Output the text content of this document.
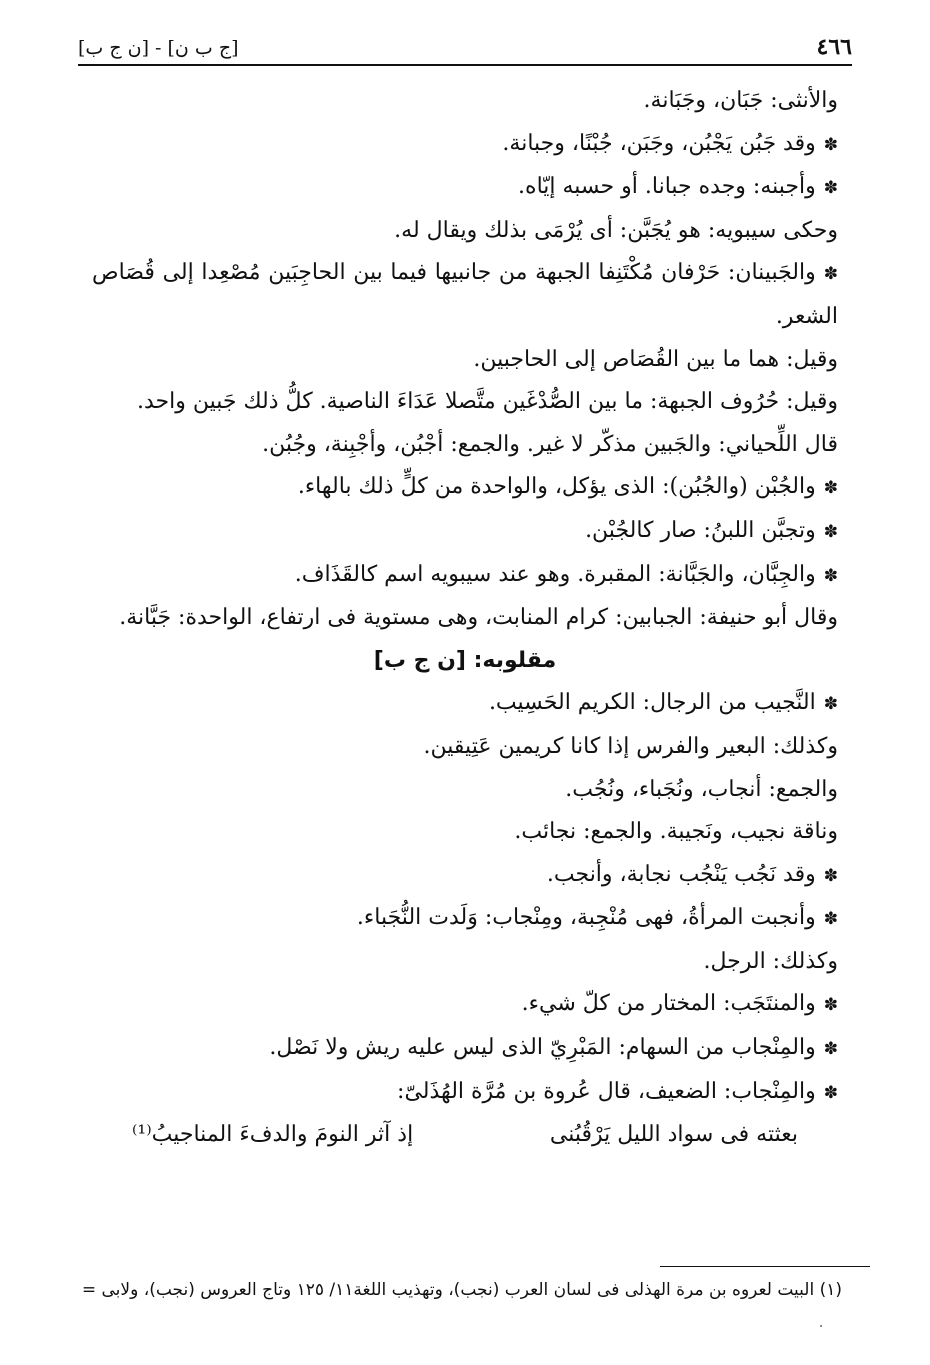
٤٦٦
[ج ب ن] - [ن ج ب]
والأنثى: جَبَان، وجَبَانة.
✽وقد جَبُن يَجْبُن، وجَبَن، جُبْنًا، وجبانة.
✽وأجبنه: وجده جبانا. أو حسبه إيّاه.
وحكى سيبويه: هو يُجَبَّن: أى يُرْمَى بذلك ويقال له.
✽والجَبينان: حَرْفان مُكْتَنِفا الجبهة من جانبيها فيما بين الحاجِبَين مُصْعِدا إلى قُصَاص الشعر.
وقيل: هما ما بين القُصَاص إلى الحاجبين.
وقيل: حُرُوف الجبهة: ما بين الصُّدْغَين متَّصلا عَدَاءَ الناصية. كلُّ ذلك جَبين واحد.
قال اللِّحياني: والجَبين مذكّر لا غير. والجمع: أجْبُن، وأجْبِنة، وجُبُن.
✽والجُبْن (والجُبُن): الذى يؤكل، والواحدة من كلٍّ ذلك بالهاء.
✽وتجبَّن اللبنُ: صار كالجُبْن.
✽والجِبَّان، والجَبَّانة: المقبرة. وهو عند سيبويه اسم كالقَذَاف.
وقال أبو حنيفة: الجبابين: كرام المنابت، وهى مستوية فى ارتفاع، الواحدة: جَبَّانة.
مقلوبه: [ن ج ب]
✽النَّجيب من الرجال: الكريم الحَسِيب.
وكذلك: البعير والفرس إذا كانا كريمين عَتِيقين.
والجمع: أنجاب، ونُجَباء، ونُجُب.
وناقة نجيب، ونَجيبة. والجمع: نجائب.
✽وقد نَجُب يَنْجُب نجابة، وأنجب.
✽وأنجبت المرأةُ، فهى مُنْجِبة، ومِنْجاب: وَلَدت النُّجَباء.
وكذلك: الرجل.
✽والمنتَجَب: المختار من كلّ شيء.
✽والمِنْجاب من السهام: المَبْرِيّ الذى ليس عليه ريش ولا نَصْل.
✽والمِنْجاب: الضعيف، قال عُروة بن مُرَّة الهُذَلىّ:
بعثته فى سواد الليل يَرْقُبُنى
إذ آثر النومَ والدفءَ المناجيبُ⁽¹⁾
(١) البيت لعروه بن مرة الهذلى فى لسان العرب (نجب)، وتهذيب اللغة١١/ ١٢٥ وتاج العروس (نجب)، ولابى =
